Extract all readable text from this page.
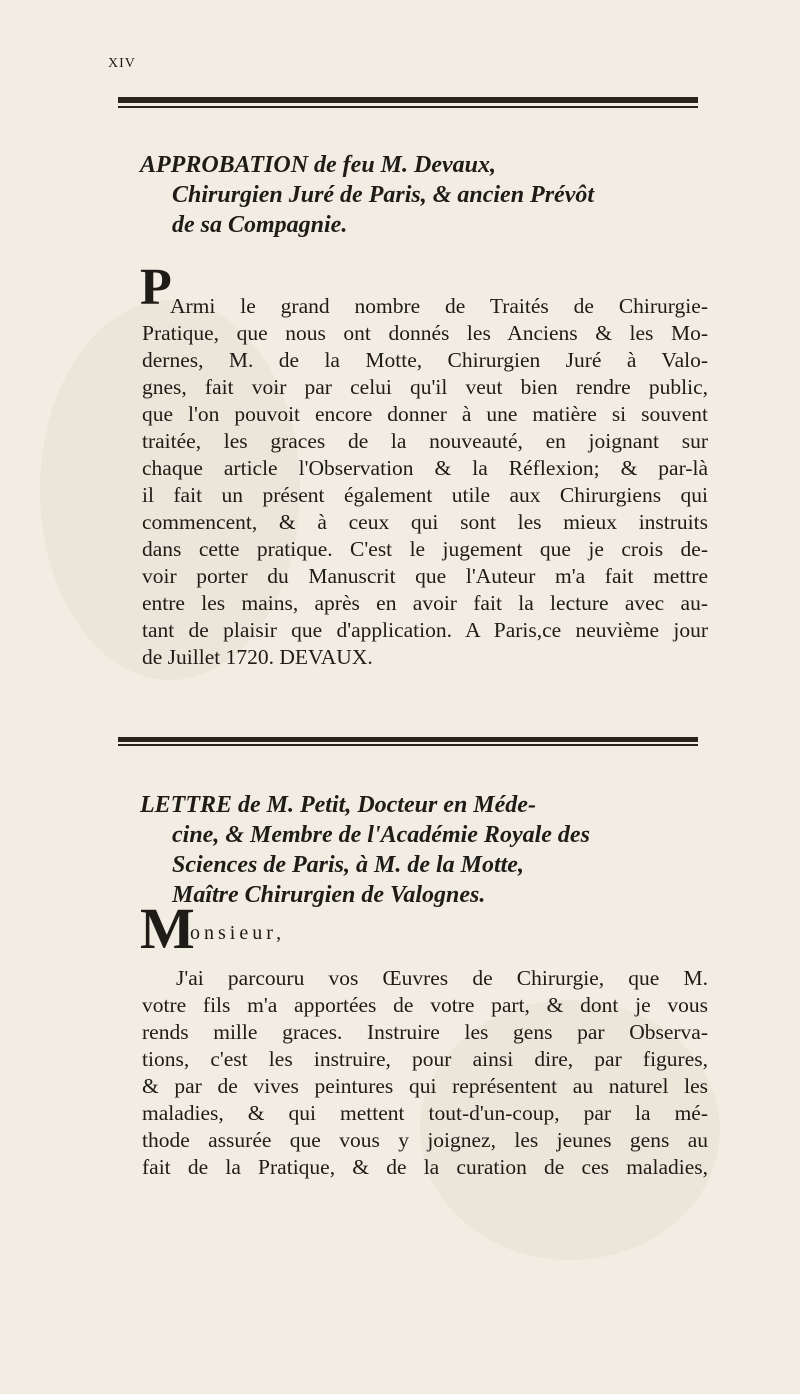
xiv
APPROBATION de feu M. Devaux,
Chirurgien Juré de Paris, & ancien Prévôt
de sa Compagnie.
P
Armi le grand nombre de Traités de Chirurgie-
Pratique, que nous ont donnés les Anciens & les Mo-
dernes, M. de la Motte, Chirurgien Juré à Valo-
gnes, fait voir par celui qu'il veut bien rendre public,
que l'on pouvoit encore donner à une matière si souvent
traitée, les graces de la nouveauté, en joignant sur
chaque article l'Observation & la Réflexion; & par-là
il fait un présent également utile aux Chirurgiens qui
commencent, & à ceux qui sont les mieux instruits
dans cette pratique. C'est le jugement que je crois de-
voir porter du Manuscrit que l'Auteur m'a fait mettre
entre les mains, après en avoir fait la lecture avec au-
tant de plaisir que d'application. A Paris,ce neuvième jour
de Juillet 1720. DEVAUX.
LETTRE de M. Petit, Docteur en Méde-
cine, & Membre de l'Académie Royale des
Sciences de Paris, à M. de la Motte,
Maître Chirurgien de Valognes.
M
onsieur,
J'ai parcouru vos Œuvres de Chirurgie, que M.
votre fils m'a apportées de votre part, & dont je vous
rends mille graces. Instruire les gens par Observa-
tions, c'est les instruire, pour ainsi dire, par figures,
& par de vives peintures qui représentent au naturel les
maladies, & qui mettent tout-d'un-coup, par la mé-
thode assurée que vous y joignez, les jeunes gens au
fait de la Pratique, & de la curation de ces maladies,
